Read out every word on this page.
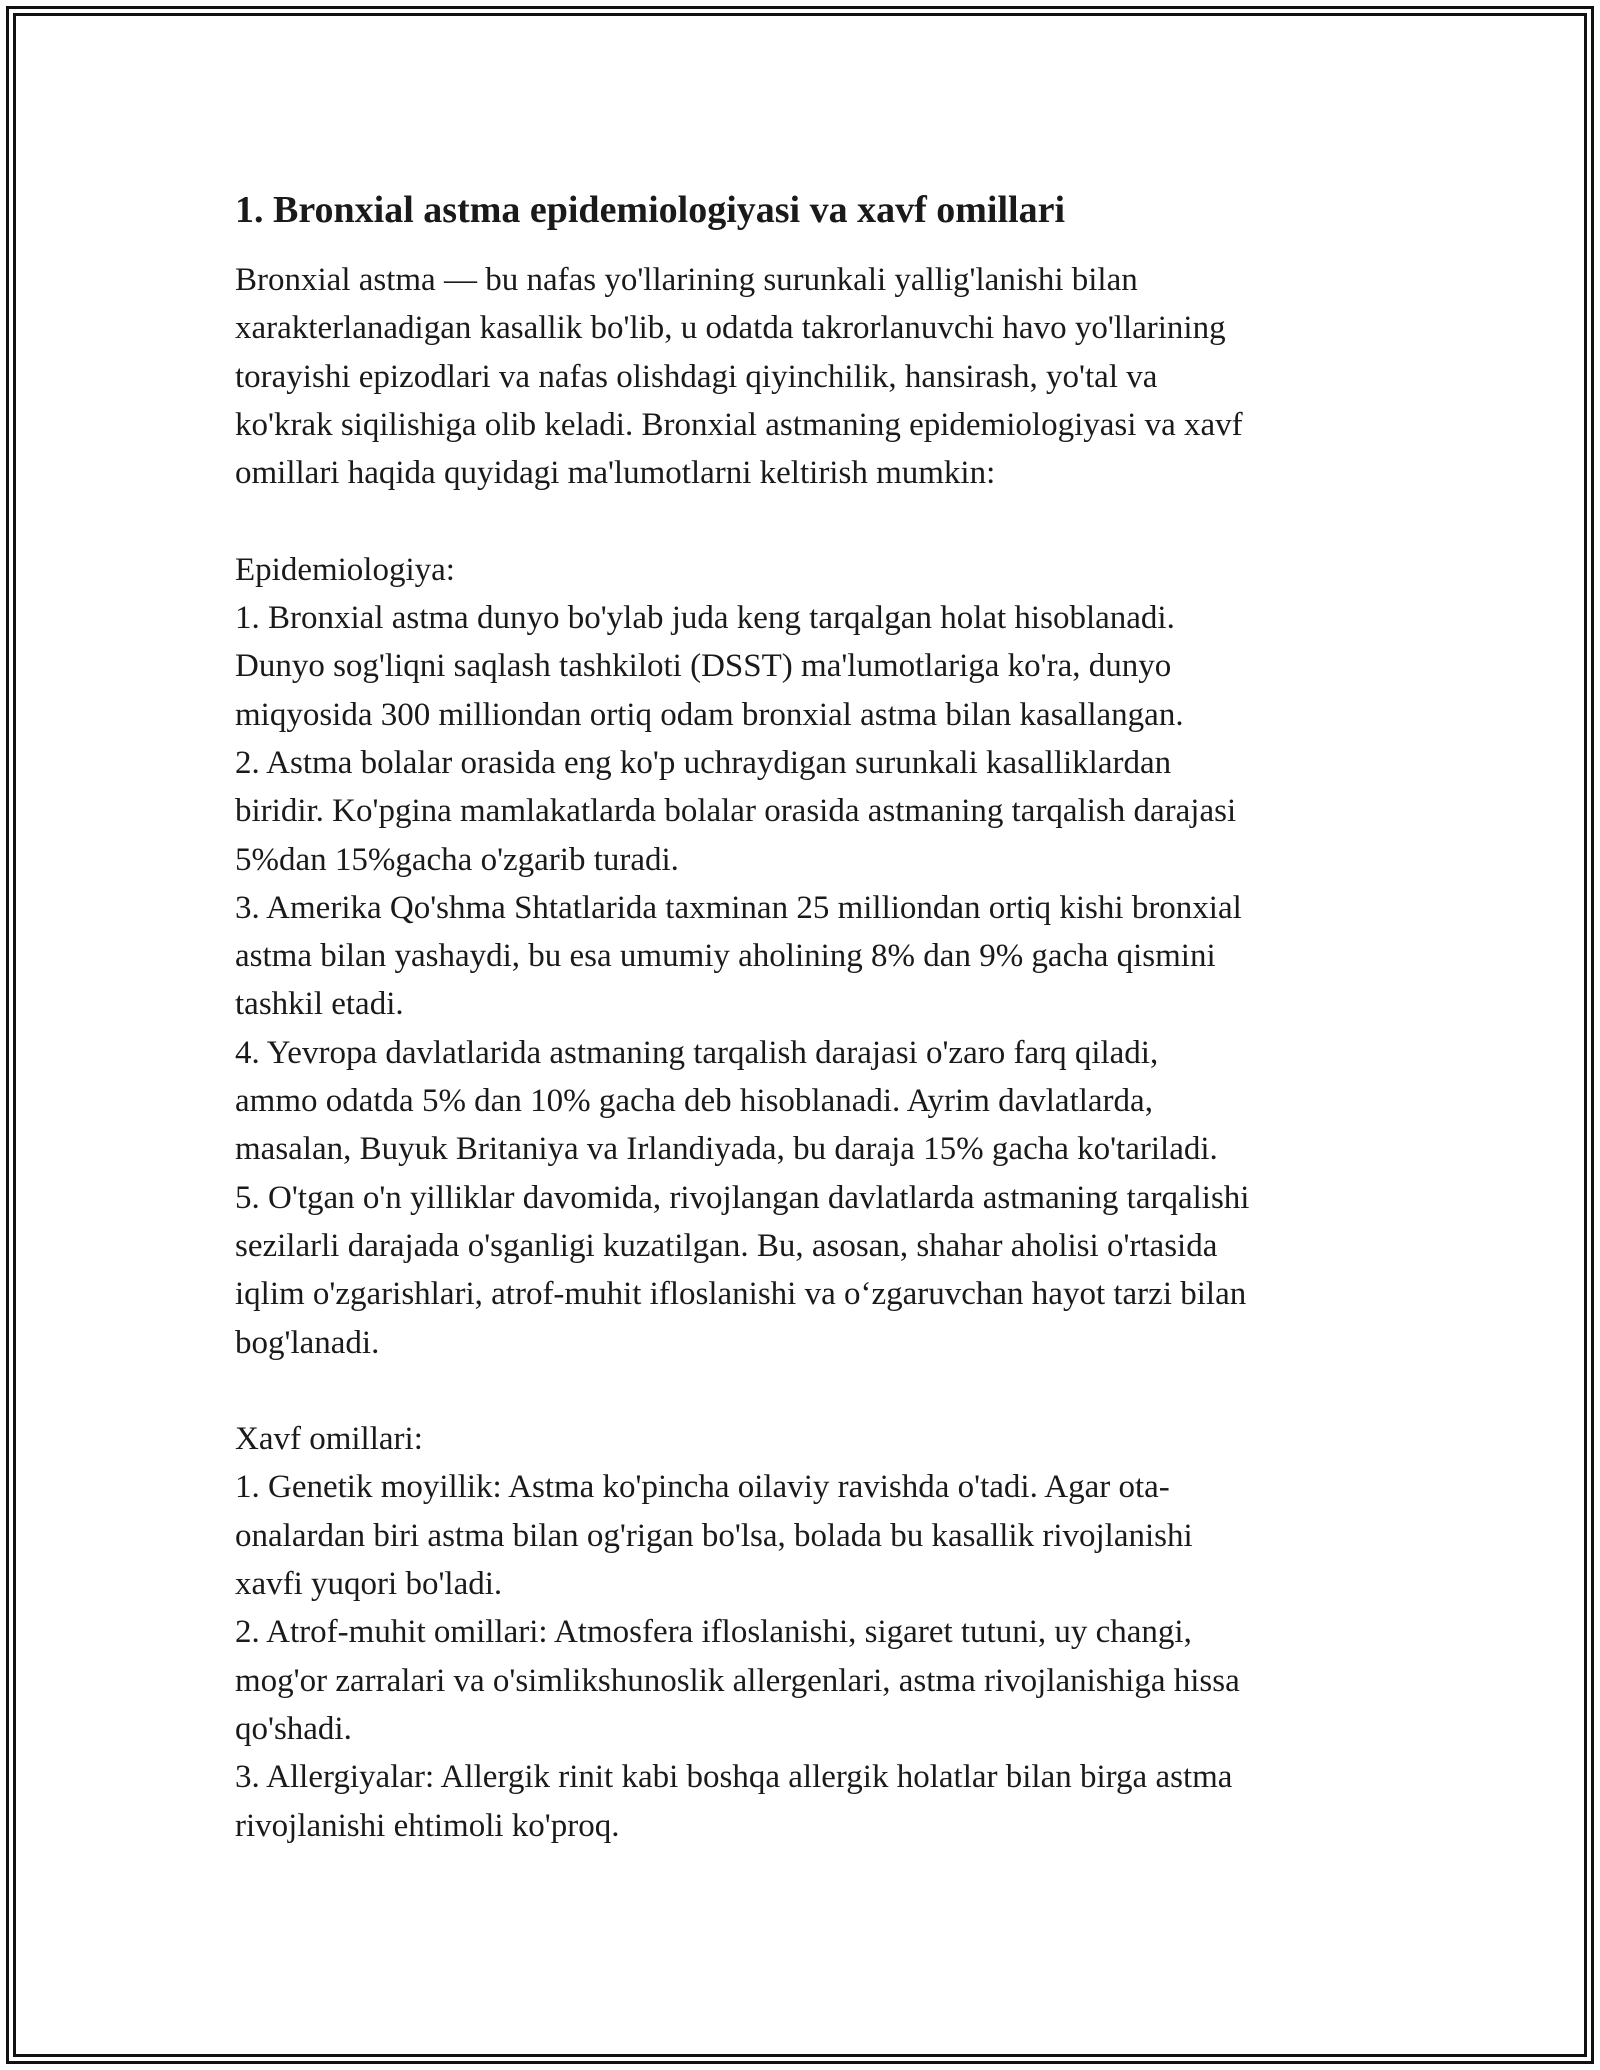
1. Bronxial astma epidemiologiyasi va xavf omillari

Bronxial astma — bu nafas yo'llarining surunkali yallig'lanishi bilan

xarakterlanadigan kasallik bo'lib, u odatda takrorlanuvchi havo yo'llarining

torayishi epizodlari va nafas olishdagi qiyinchilik, hansirash, yo'tal va

ko'krak siqilishiga olib keladi. Bronxial astmaning epidemiologiyasi va xavf

omillari haqida quyidagi ma'lumotlarni keltirish mumkin:

Epidemiologiya:

1. Bronxial astma dunyo bo'ylab juda keng tarqalgan holat hisoblanadi.

Dunyo sog'liqni saqlash tashkiloti (DSST) ma'lumotlariga ko'ra, dunyo

miqyosida 300 milliondan ortiq odam bronxial astma bilan kasallangan.

2. Astma bolalar orasida eng ko'p uchraydigan surunkali kasalliklardan

biridir. Ko'pgina mamlakatlarda bolalar orasida astmaning tarqalish darajasi

5%dan 15%gacha o'zgarib turadi.

3. Amerika Qo'shma Shtatlarida taxminan 25 milliondan ortiq kishi bronxial

astma bilan yashaydi, bu esa umumiy aholining 8% dan 9% gacha qismini

tashkil etadi.

4. Yevropa davlatlarida astmaning tarqalish darajasi o'zaro farq qiladi,

ammo odatda 5% dan 10% gacha deb hisoblanadi. Ayrim davlatlarda,

masalan, Buyuk Britaniya va Irlandiyada, bu daraja 15% gacha ko'tariladi.

5. O'tgan o'n yilliklar davomida, rivojlangan davlatlarda astmaning tarqalishi

sezilarli darajada o'sganligi kuzatilgan. Bu, asosan, shahar aholisi o'rtasida

iqlim o'zgarishlari, atrof-muhit ifloslanishi va o‘zgaruvchan hayot tarzi bilan

bog'lanadi.

Xavf omillari:

1. Genetik moyillik: Astma ko'pincha oilaviy ravishda o'tadi. Agar ota-

onalardan biri astma bilan og'rigan bo'lsa, bolada bu kasallik rivojlanishi

xavfi yuqori bo'ladi.

2. Atrof-muhit omillari: Atmosfera ifloslanishi, sigaret tutuni, uy changi,

mog'or zarralari va o'simlikshunoslik allergenlari, astma rivojlanishiga hissa

qo'shadi.

3. Allergiyalar: Allergik rinit kabi boshqa allergik holatlar bilan birga astma

rivojlanishi ehtimoli ko'proq.
